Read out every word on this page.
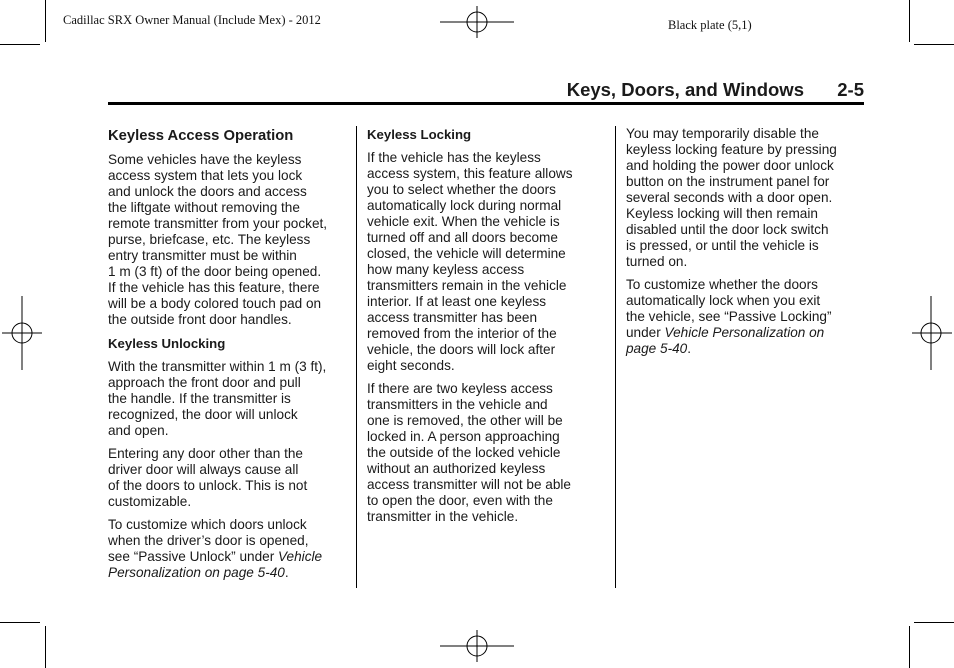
Cadillac SRX Owner Manual (Include Mex) - 2012	Black plate (5,1)
Keys, Doors, and Windows 2-5
Keyless Access Operation

Some vehicles have the keyless
access system that lets you lock
and unlock the doors and access
the liftgate without removing the
remote transmitter from your pocket,
purse, briefcase, etc. The keyless
entry transmitter must be within
1 m (3 ft) of the door being opened.
If the vehicle has this feature, there
will be a body colored touch pad on
the outside front door handles.

Keyless Unlocking

With the transmitter within 1 m (3 ft),
approach the front door and pull
the handle. If the transmitter is
recognized, the door will unlock
and open.

Entering any door other than the
driver door will always cause all
of the doors to unlock. This is not
customizable.

To customize which doors unlock
when the driver’s door is opened,
see “Passive Unlock” under Vehicle
Personalization on page 5-40.

Keyless Locking

If the vehicle has the keyless
access system, this feature allows
you to select whether the doors
automatically lock during normal
vehicle exit. When the vehicle is
turned off and all doors become
closed, the vehicle will determine
how many keyless access
transmitters remain in the vehicle
interior. If at least one keyless
access transmitter has been
removed from the interior of the
vehicle, the doors will lock after
eight seconds.

If there are two keyless access
transmitters in the vehicle and
one is removed, the other will be
locked in. A person approaching
the outside of the locked vehicle
without an authorized keyless
access transmitter will not be able
to open the door, even with the
transmitter in the vehicle.

You may temporarily disable the
keyless locking feature by pressing
and holding the power door unlock
button on the instrument panel for
several seconds with a door open.
Keyless locking will then remain
disabled until the door lock switch
is pressed, or until the vehicle is
turned on.

To customize whether the doors
automatically lock when you exit
the vehicle, see “Passive Locking”
under Vehicle Personalization on
page 5-40.
